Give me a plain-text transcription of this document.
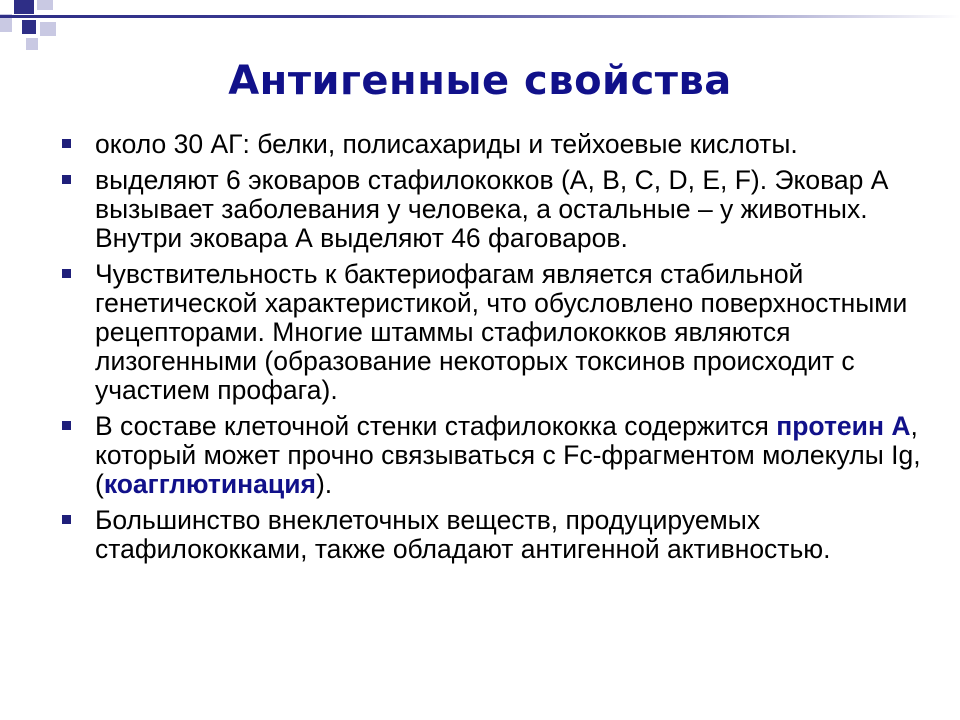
Антигенные свойства
около 30 АГ: белки, полисахариды и тейхоевые кислоты.
выделяют 6 эковаров стафилококков (А, В, С, D, Е, F). Эковар А вызывает заболевания у человека, а остальные – у животных. Внутри эковара А выделяют 46 фаговаров.
Чувствительность к бактериофагам является стабильной генетической характеристикой, что обусловлено поверхностными рецепторами. Многие штаммы стафилококков являются лизогенными (образование некоторых токсинов происходит с участием профага).
В составе клеточной стенки стафилококка содержится протеин А, который может прочно связываться с Fc-фрагментом молекулы Ig, (коагглютинация).
Большинство внеклеточных веществ, продуцируемых стафилококками, также обладают антигенной активностью.
